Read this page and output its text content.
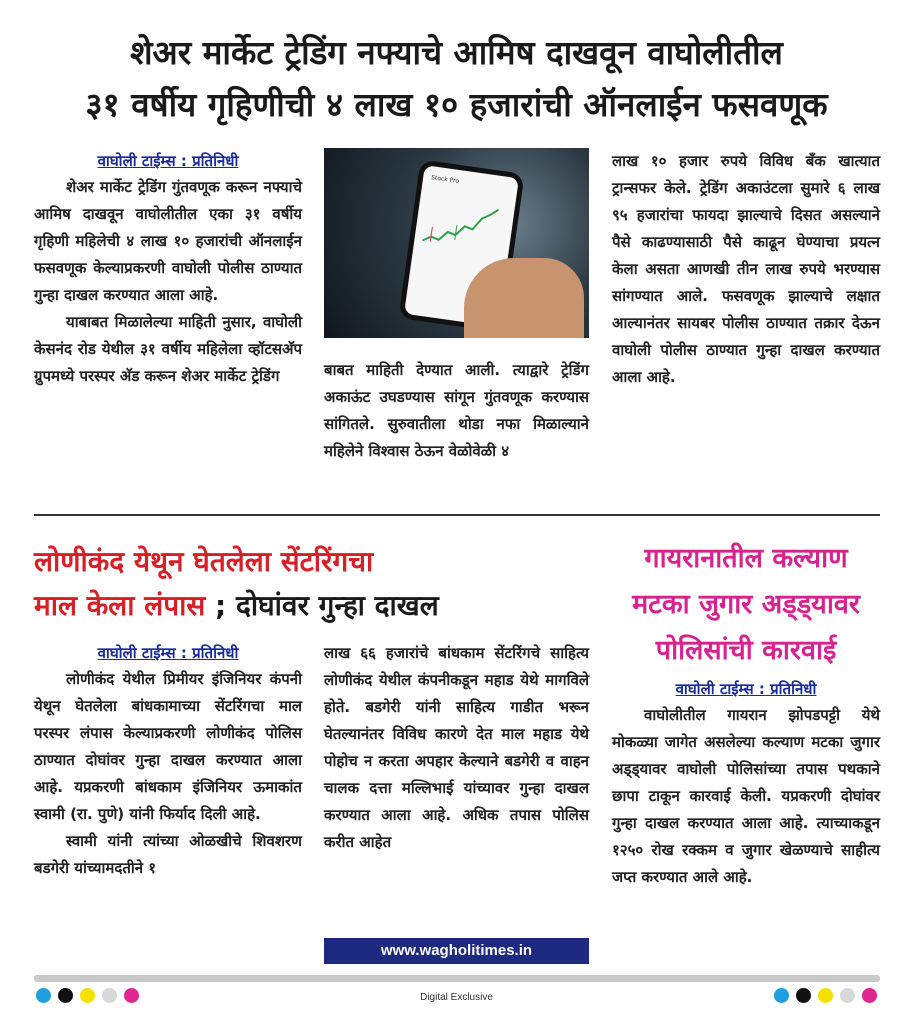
शेअर मार्केट ट्रेडिंग नफ्याचे आमिष दाखवून वाघोलीतील
३१ वर्षीय गृहिणीची ४ लाख १० हजारांची ऑनलाईन फसवणूक
वाघोली टाईम्स : प्रतिनिधी

शेअर मार्केट ट्रेडिंग गुंतवणूक करून नफ्याचे आमिष दाखवून वाघोलीतील एका ३१ वर्षीय गृहिणी महिलेची ४ लाख १० हजारांची ऑनलाईन फसवणूक केल्याप्रकरणी वाघोली पोलीस ठाण्यात गुन्हा दाखल करण्यात आला आहे.

याबाबत मिळालेल्या माहिती नुसार, वाघोली केसनंद रोड येथील ३१ वर्षीय महिलेला व्हॉटसअ‍ॅप ग्रुपमध्ये परस्पर अ‍ॅड करून शेअर मार्केट ट्रेडिंग

Stock Pro

बाबत माहिती देण्यात आली. त्याद्वारे ट्रेडिंग अकाऊंट उघडण्यास सांगून गुंतवणूक करण्यास सांगितले. सुरुवातीला थोडा नफा मिळाल्याने महिलेने विश्वास ठेऊन वेळोवेळी ४

लाख १० हजार रुपये विविध बँक खात्यात ट्रान्सफर केले. ट्रेडिंग अकाउंटला सुमारे ६ लाख ९५ हजारांचा फायदा झाल्याचे दिसत असल्याने पैसे काढण्यासाठी पैसे काढून घेण्याचा प्रयत्न केला असता आणखी तीन लाख रुपये भरण्यास सांगण्यात आले. फसवणूक झाल्याचे लक्षात आल्यानंतर सायबर पोलीस ठाण्यात तक्रार देऊन वाघोली पोलीस ठाण्यात गुन्हा दाखल करण्यात आला आहे.

लोणीकंद येथून घेतलेला सेंटरिंगचा
माल केला लंपास ; दोघांवर गुन्हा दाखल
वाघोली टाईम्स : प्रतिनिधी

लोणीकंद येथील प्रिमीयर इंजिनियर कंपनी येथून घेतलेला बांधकामाच्या सेंटरिंगचा माल परस्पर लंपास केल्याप्रकरणी लोणीकंद पोलिस ठाण्यात दोघांवर गुन्हा दाखल करण्यात आला आहे. यप्रकरणी बांधकाम इंजिनियर ऊमाकांत स्वामी (रा. पुणे) यांनी फिर्याद दिली आहे.

स्वामी यांनी त्यांच्या ओळखीचे शिवशरण बडगेरी यांच्यामदतीने १

लाख ६६ हजारांचे बांधकाम सेंटरिंगचे साहित्य लोणीकंद येथील कंपनीकडून महाड येथे मागविले होते. बडगेरी यांनी साहित्य गाडीत भरून घेतल्यानंतर विविध कारणे देत माल महाड येथे पोहोच न करता अपहार केल्याने बडगेरी व वाहन चालक दत्ता मल्लिभाई यांच्यावर गुन्हा दाखल करण्यात आला आहे. अधिक तपास पोलिस करीत आहेत

www.wagholitimes.in
गायरानातील कल्याण
मटका जुगार अड्ड्यावर
पोलिसांची कारवाई
वाघोली टाईम्स : प्रतिनिधी

वाघोलीतील गायरान झोपडपट्टी येथे मोकळ्या जागेत असलेल्या कल्याण मटका जुगार अड्ड्यावर वाघोली पोलिसांच्या तपास पथकाने छापा टाकून कारवाई केली. यप्रकरणी दोघांवर गुन्हा दाखल करण्यात आला आहे. त्याच्याकडून १२५० रोख रक्कम व जुगार खेळण्याचे साहीत्य जप्त करण्यात आले आहे.

Digital Exclusive
